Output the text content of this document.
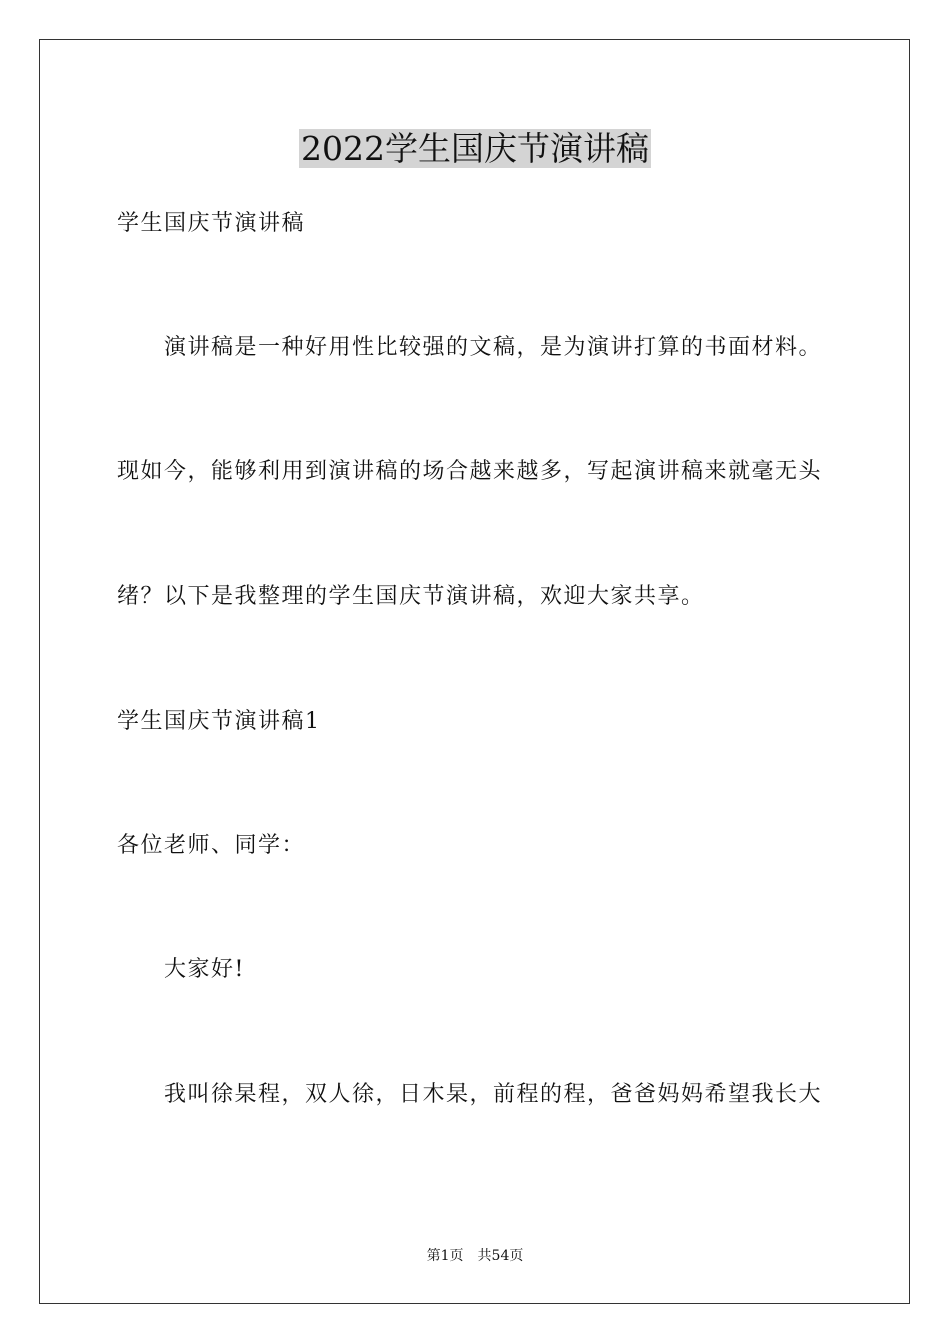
2022学生国庆节演讲稿
学生国庆节演讲稿
演讲稿是一种好用性比较强的文稿，是为演讲打算的书面材料。
现如今，能够利用到演讲稿的场合越来越多，写起演讲稿来就毫无头
绪？以下是我整理的学生国庆节演讲稿，欢迎大家共享。
学生国庆节演讲稿1
各位老师、同学：
大家好!
我叫徐杲程，双人徐，日木杲，前程的程，爸爸妈妈希望我长大
第1页　共54页
